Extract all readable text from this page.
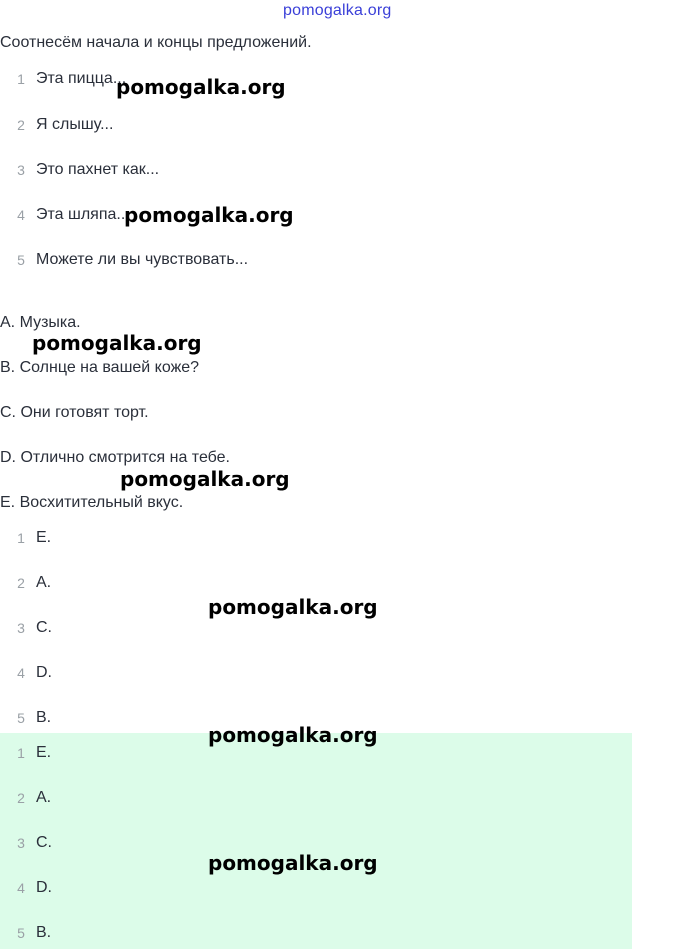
pomogalka.org
Соотнесём начала и концы предложений.
1 Эта пицца...
2 Я слышу...
3 Это пахнет как...
4 Эта шляпа...
5 Можете ли вы чувствовать...
A. Музыка.
B. Солнце на вашей коже?
C. Они готовят торт.
D. Отлично смотрится на тебе.
E. Восхитительный вкус.
1 E.
2 A.
3 C.
4 D.
5 B.
1 E.
2 A.
3 C.
4 D.
5 B.
pomogalka.org
pomogalka.org
pomogalka.org
pomogalka.org
pomogalka.org
pomogalka.org
pomogalka.org
